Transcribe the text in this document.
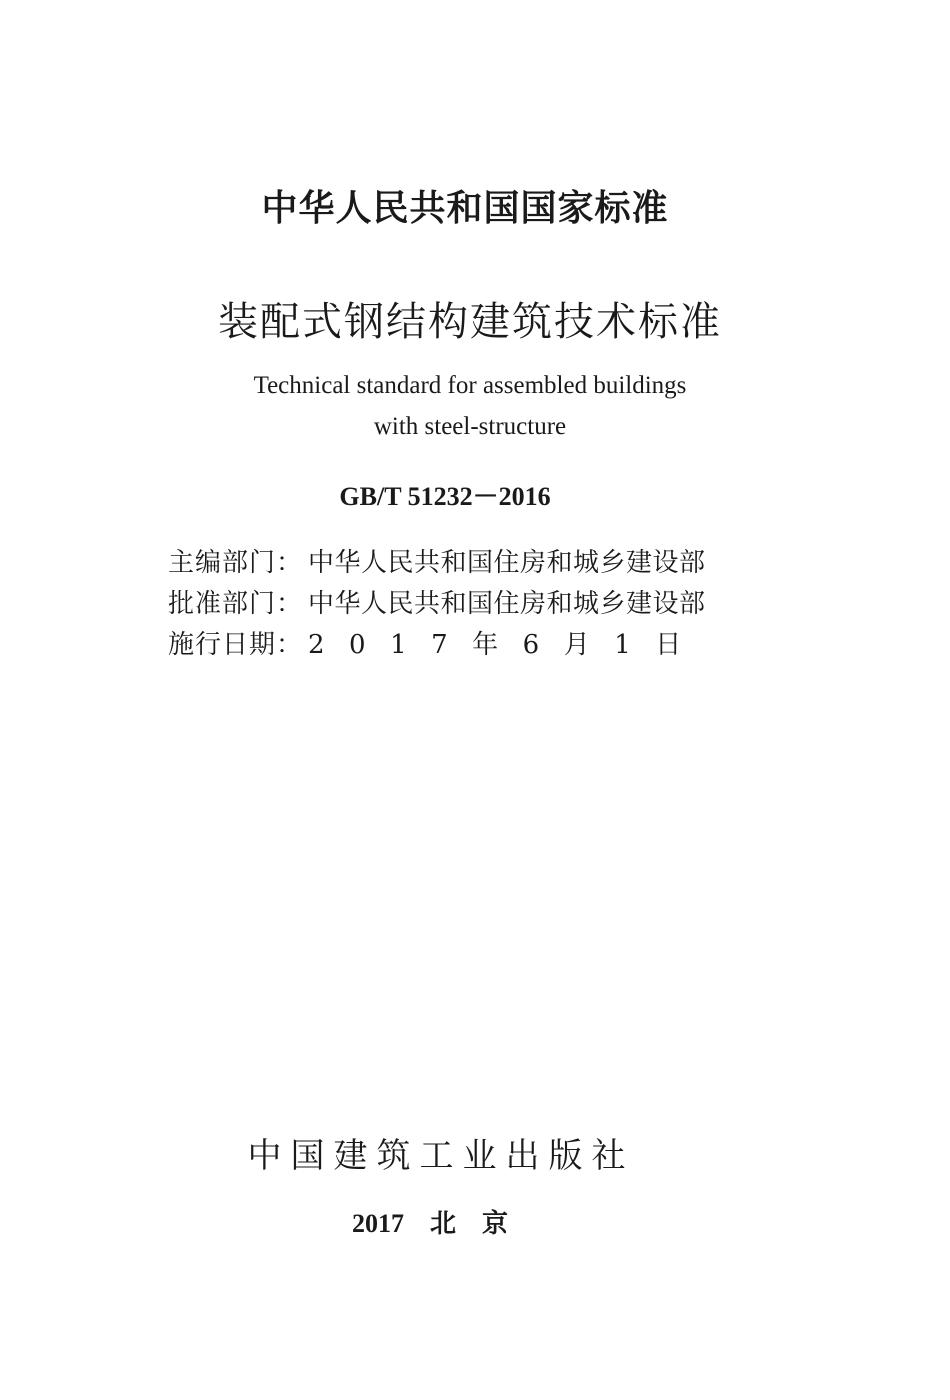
中华人民共和国国家标准
装配式钢结构建筑技术标准
Technical standard for assembled buildings
with steel-structure
GB/T 51232－2016
主编部门： 中华人民共和国住房和城乡建设部
批准部门： 中华人民共和国住房和城乡建设部
施行日期： 2017年6月1日
中国建筑工业出版社
2017 北京
